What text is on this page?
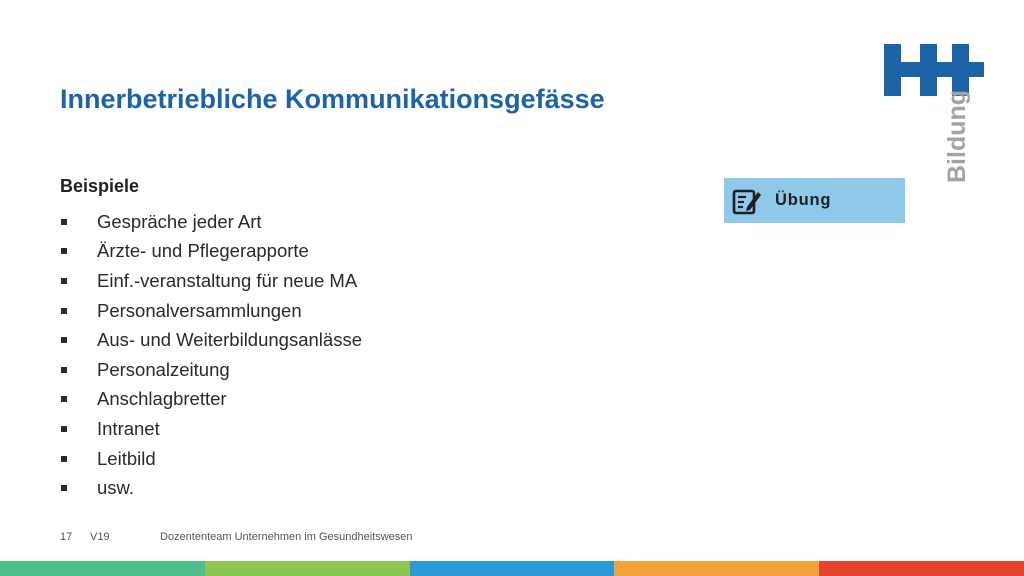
Innerbetriebliche Kommunikationsgefässe	Bildung
Beispiele
Gespräche jeder Art
Ärzte- und Pflegerapporte
Einf.-veranstaltung für neue MA
Personalversammlungen
Aus- und Weiterbildungsanlässe
Personalzeitung
Anschlagbretter
Intranet
Leitbild
usw.
Übung
17 V19	Dozententeam Unternehmen im Gesundheitswesen
